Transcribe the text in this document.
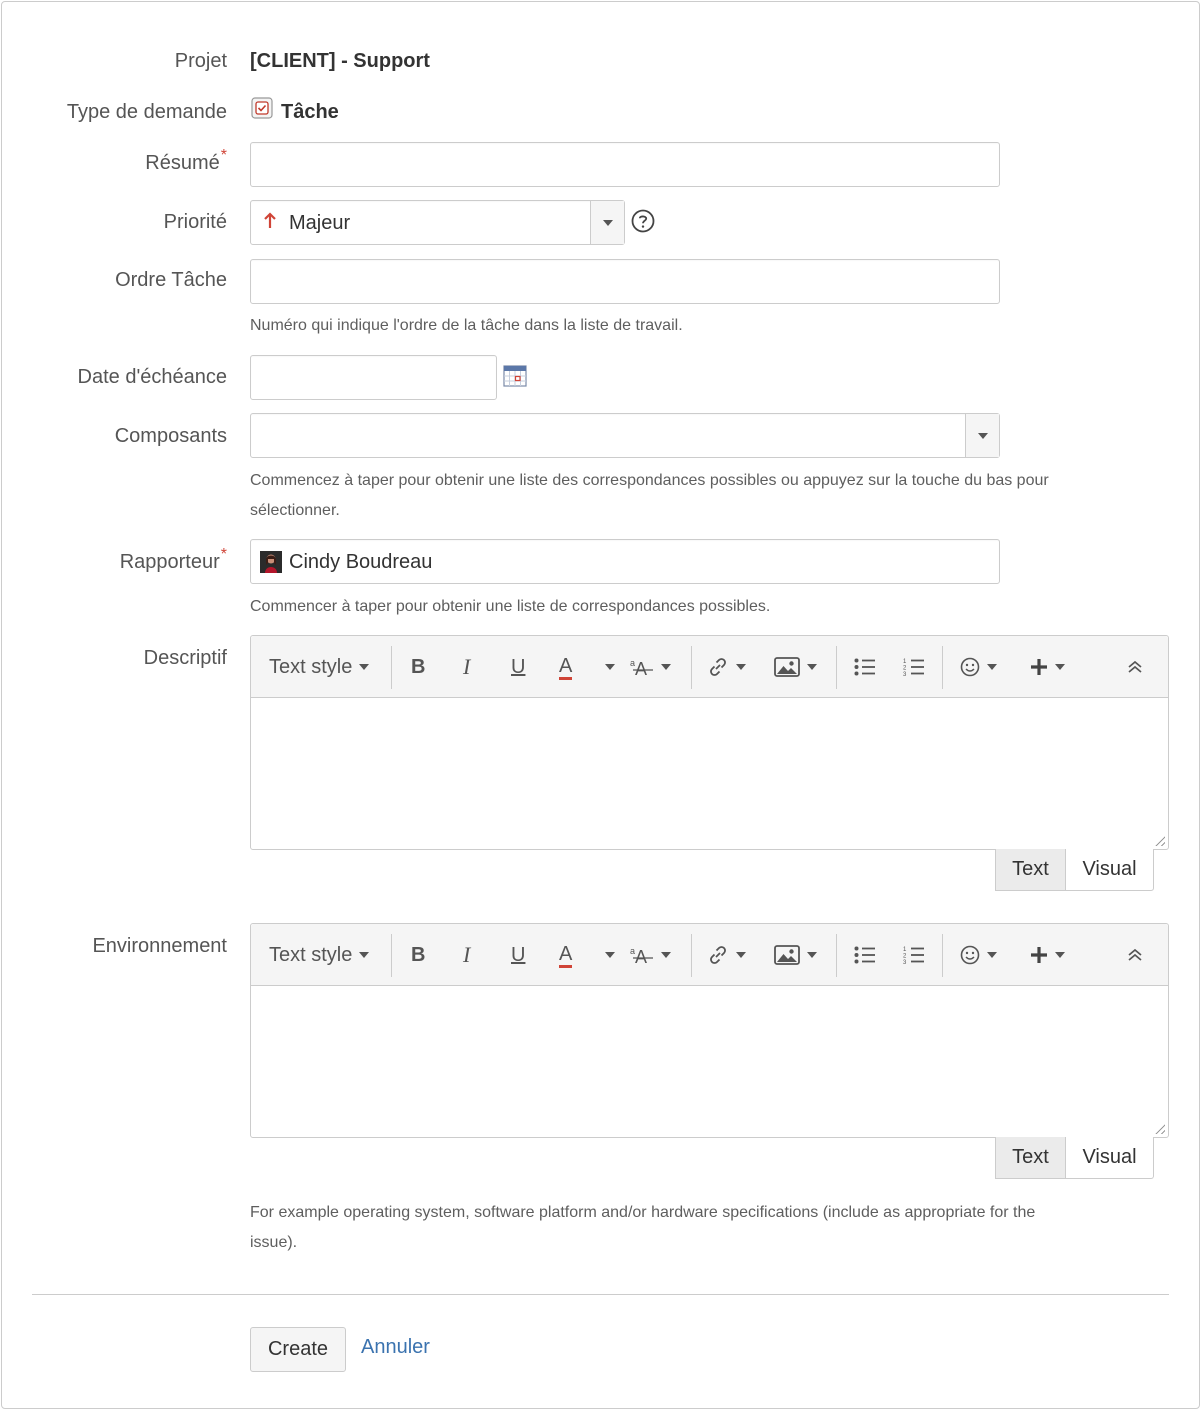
Projet [CLIENT] - Support
Type de demande	Tâche
Résumé*
Priorité	Majeur
Ordre Tâche
Numéro qui indique l'ordre de la tâche dans la liste de travail.
Date d'échéance
Composants
Commencez à taper pour obtenir une liste des correspondances possibles ou appuyez sur la touche du bas pour
sélectionner.
Rapporteur*	Cindy Boudreau
Commencer à taper pour obtenir une liste de correspondances possibles.
Descriptif Text style	B I U A	a A	1
2
3
Text	Visual
Environnement Text style	B I U A	a A	1
2
3
Text	Visual
For example operating system, software platform and/or hardware specifications (include as appropriate for the
issue).
Create	Annuler
